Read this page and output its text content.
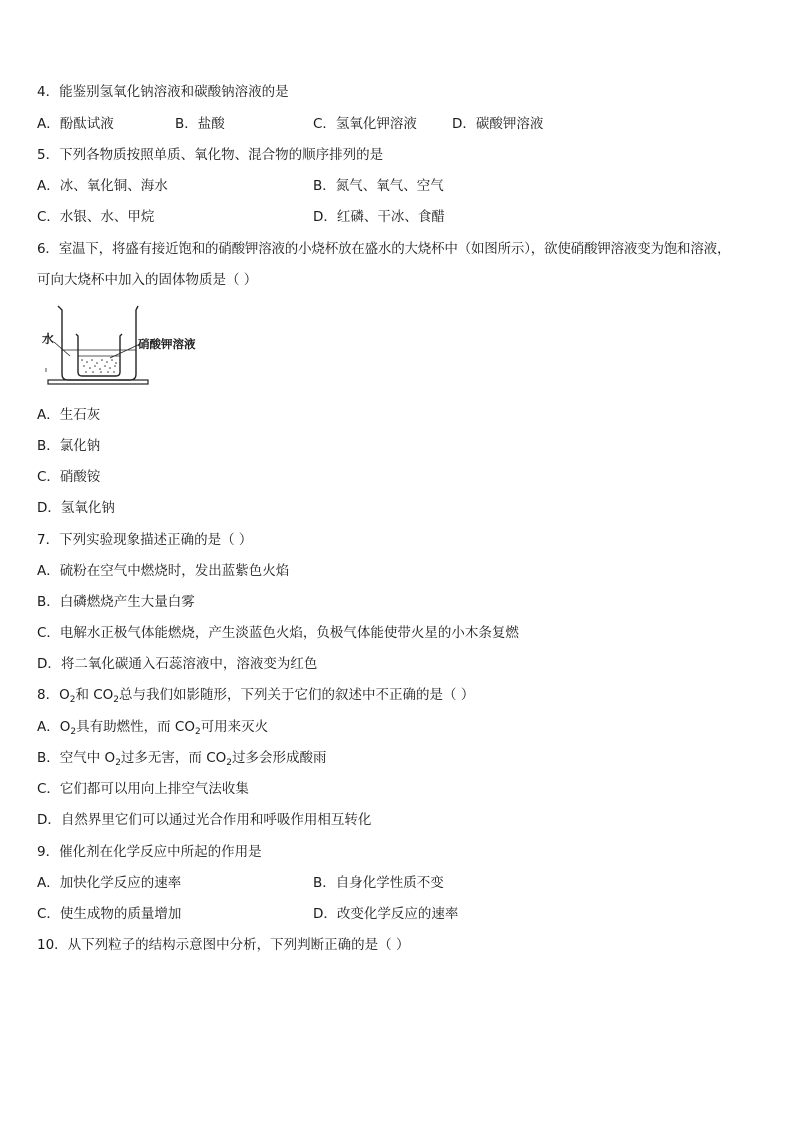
4．能鉴别氢氧化钠溶液和碳酸钠溶液的是
A．酚酞试液	B．盐酸	C．氢氧化钾溶液	D．碳酸钾溶液
5．下列各物质按照单质、氧化物、混合物的顺序排列的是
A．冰、氧化铜、海水	B．氮气、氧气、空气
C．水银、水、甲烷	D．红磷、干冰、食醋
6．室温下，将盛有接近饱和的硝酸钾溶液的小烧杯放在盛水的大烧杯中（如图所示），欲使硝酸钾溶液变为饱和溶液，
可向大烧杯中加入的固体物质是（ ）
水	硝酸钾溶液
A．生石灰
B．氯化钠
C．硝酸铵
D．氢氧化钠
7．下列实验现象描述正确的是（ ）
A．硫粉在空气中燃烧时，发出蓝紫色火焰
B．白磷燃烧产生大量白雾
C．电解水正极气体能燃烧，产生淡蓝色火焰，负极气体能使带火星的小木条复燃
D．将二氧化碳通入石蕊溶液中，溶液变为红色
8．$O_2$和 $CO_2$总与我们如影随形，下列关于它们的叙述中不正确的是（ ）
A．$O_2$具有助燃性，而 $CO_2$可用来灭火
B．空气中 $O_2$过多无害，而 $CO_2$过多会形成酸雨
C．它们都可以用向上排空气法收集
D．自然界里它们可以通过光合作用和呼吸作用相互转化
9．催化剂在化学反应中所起的作用是
A．加快化学反应的速率	B．自身化学性质不变
C．使生成物的质量增加	D．改变化学反应的速率
10．从下列粒子的结构示意图中分析，下列判断正确的是（ ）
